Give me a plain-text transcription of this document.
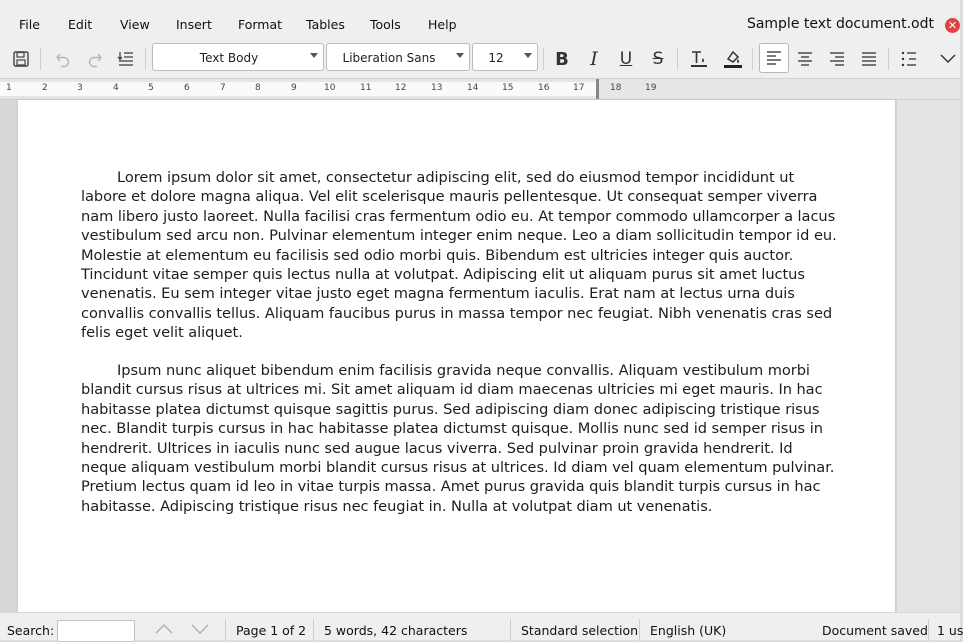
File Edit View Insert Format Tables Tools Help	Sample text document.odt ✕
Text Body	Liberation Sans	12	B I U S
1	2	3	4	5	6	7	8	9	10	11	12	13	14	15	16	17	18	19

Lorem ipsum dolor sit amet, consectetur adipiscing elit, sed do eiusmod tempor incididunt ut labore et dolore magna aliqua. Vel elit scelerisque mauris pellentesque. Ut consequat semper viverra nam libero justo laoreet. Nulla facilisi cras fermentum odio eu. At tempor commodo ullamcorper a lacus vestibulum sed arcu non. Pulvinar elementum integer enim neque. Leo a diam sollicitudin tempor id eu. Molestie at elementum eu facilisis sed odio morbi quis. Bibendum est ultricies integer quis auctor. Tincidunt vitae semper quis lectus nulla at volutpat. Adipiscing elit ut aliquam purus sit amet luctus venenatis. Eu sem integer vitae justo eget magna fermentum iaculis. Erat nam at lectus urna duis convallis convallis tellus. Aliquam faucibus purus in massa tempor nec feugiat. Nibh venenatis cras sed felis eget velit aliquet.

Ipsum nunc aliquet bibendum enim facilisis gravida neque convallis. Aliquam vestibulum morbi blandit cursus risus at ultrices mi. Sit amet aliquam id diam maecenas ultricies mi eget mauris. In hac habitasse platea dictumst quisque sagittis purus. Sed adipiscing diam donec adipiscing tristique risus nec. Blandit turpis cursus in hac habitasse platea dictumst quisque. Mollis nunc sed id semper risus in hendrerit. Ultrices in iaculis nunc sed augue lacus viverra. Sed pulvinar proin gravida hendrerit. Id neque aliquam vestibulum morbi blandit cursus risus at ultrices. Id diam vel quam elementum pulvinar. Pretium lectus quam id leo in vitae turpis massa. Amet purus gravida quis blandit turpis cursus in hac habitasse. Adipiscing tristique risus nec feugiat in. Nulla at volutpat diam ut venenatis.

Search:	Page 1 of 2 5 words, 42 characters	Standard selection English (UK)	Document saved 1 us
